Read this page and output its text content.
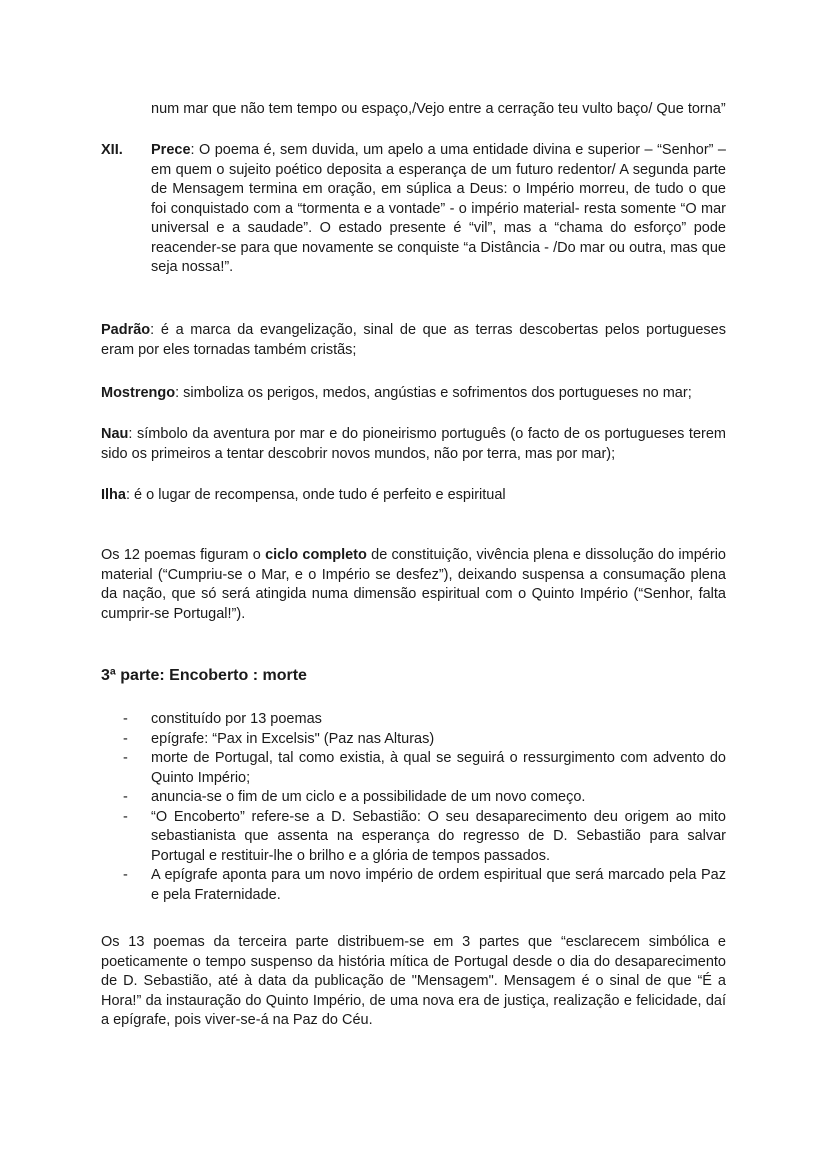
num mar que não tem tempo ou espaço,/Vejo entre a cerração teu vulto baço/ Que torna”
XII. Prece: O poema é, sem duvida, um apelo a uma entidade divina e superior – “Senhor” – em quem o sujeito poético deposita a esperança de um futuro redentor/ A segunda parte de Mensagem termina em oração, em súplica a Deus: o Império morreu, de tudo o que foi conquistado com a “tormenta e a vontade” - o império material- resta somente “O mar universal e a saudade”. O estado presente é “vil”, mas a “chama do esforço” pode reacender-se para que novamente se conquiste “a Distância - /Do mar ou outra, mas que seja nossa!”.
Padrão: é a marca da evangelização, sinal de que as terras descobertas pelos portugueses eram por eles tornadas também cristãs;
Mostrengo: simboliza os perigos, medos, angústias e sofrimentos dos portugueses no mar;
Nau: símbolo da aventura por mar e do pioneirismo português (o facto de os portugueses terem sido os primeiros a tentar descobrir novos mundos, não por terra, mas por mar);
Ilha: é o lugar de recompensa, onde tudo é perfeito e espiritual
Os 12 poemas figuram o ciclo completo de constituição, vivência plena e dissolução do império material (“Cumpriu-se o Mar, e o Império se desfez”), deixando suspensa a consumação plena da nação, que só será atingida numa dimensão espiritual com o Quinto Império (“Senhor, falta cumprir-se Portugal!”).
3ª parte: Encoberto : morte
- constituído por 13 poemas
- epígrafe: “Pax in Excelsis" (Paz nas Alturas)
- morte de Portugal, tal como existia, à qual se seguirá o ressurgimento com advento do Quinto Império;
- anuncia-se o fim de um ciclo e a possibilidade de um novo começo.
- “O Encoberto” refere-se a D. Sebastião: O seu desaparecimento deu origem ao mito sebastianista que assenta na esperança do regresso de D. Sebastião para salvar Portugal e restituir-lhe o brilho e a glória de tempos passados.
- A epígrafe aponta para um novo império de ordem espiritual que será marcado pela Paz e pela Fraternidade.
Os 13 poemas da terceira parte distribuem-se em 3 partes que “esclarecem simbólica e poeticamente o tempo suspenso da história mítica de Portugal desde o dia do desaparecimento de D. Sebastião, até à data da publicação de "Mensagem". Mensagem é o sinal de que “É a Hora!” da instauração do Quinto Império, de uma nova era de justiça, realização e felicidade, daí a epígrafe, pois viver-se-á na Paz do Céu.
